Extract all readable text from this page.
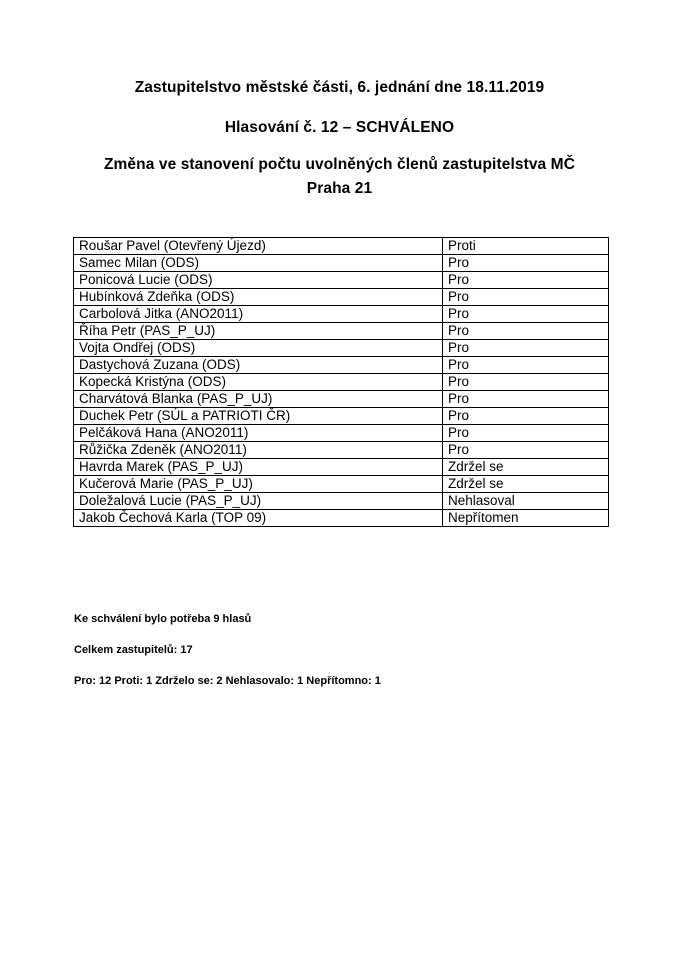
Zastupitelstvo městské části, 6. jednání dne 18.11.2019
Hlasování č. 12 – SCHVÁLENO
Změna ve stanovení počtu uvolněných členů zastupitelstva MČ
Praha 21
Roušar Pavel (Otevřený Újezd)	Proti
Samec Milan (ODS)	Pro
Ponicová Lucie (ODS)	Pro
Hubínková Zdeňka (ODS)	Pro
Carbolová Jitka (ANO2011)	Pro
Říha Petr (PAS_P_UJ)	Pro
Vojta Ondřej (ODS)	Pro
Dastychová Zuzana (ODS)	Pro
Kopecká Kristýna (ODS)	Pro
Charvátová Blanka (PAS_P_UJ)	Pro
Duchek Petr (SÚL a PATRIOTI ČR)	Pro
Pelčáková Hana (ANO2011)	Pro
Růžička Zdeněk (ANO2011)	Pro
Havrda Marek (PAS_P_UJ)	Zdržel se
Kučerová Marie (PAS_P_UJ)	Zdržel se
Doležalová Lucie (PAS_P_UJ)	Nehlasoval
Jakob Čechová Karla (TOP 09)	Nepřítomen

Ke schválení bylo potřeba 9 hlasů

Celkem zastupitelů: 17

Pro: 12 Proti: 1 Zdrželo se: 2 Nehlasovalo: 1 Nepřítomno: 1
